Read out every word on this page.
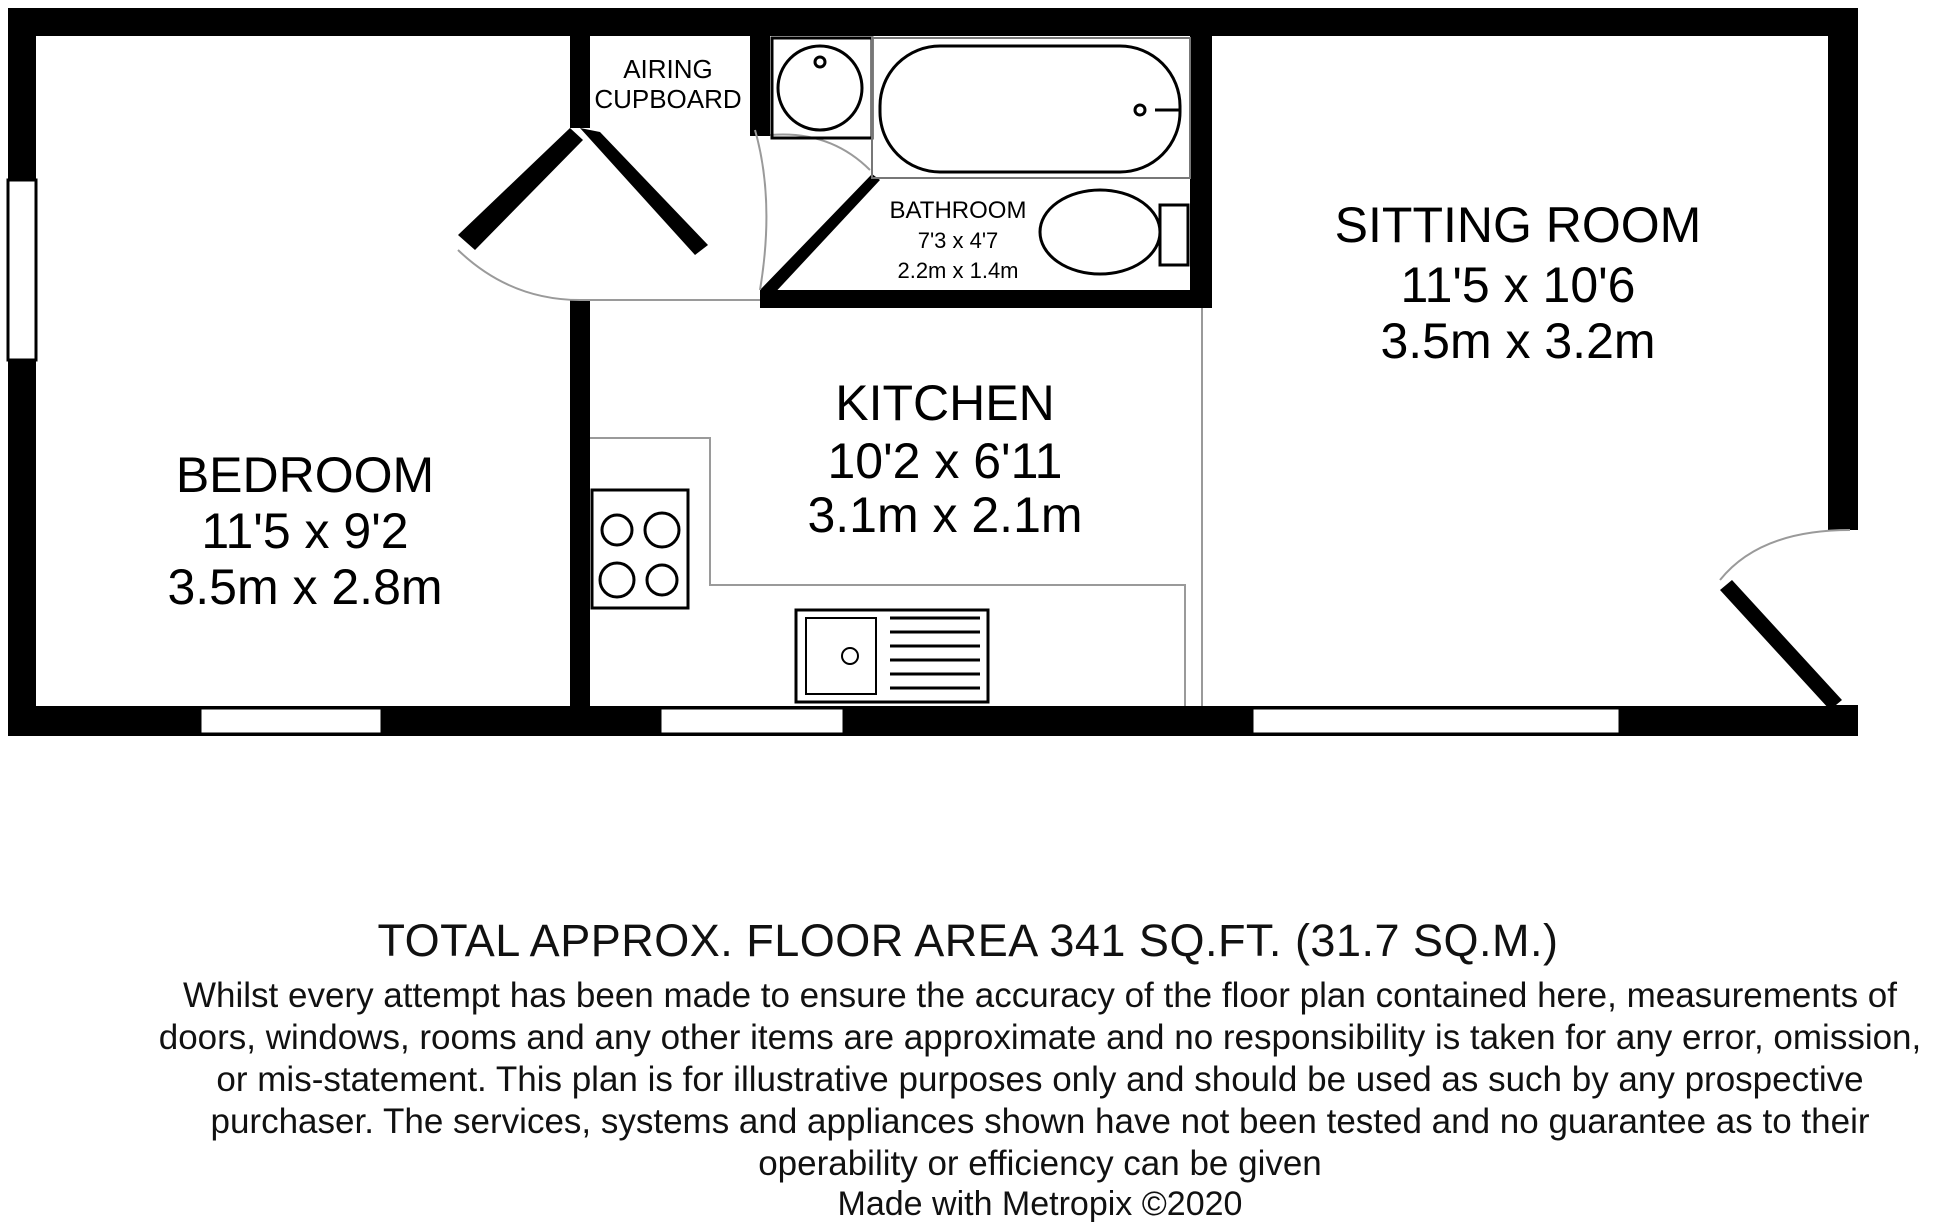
AIRING
CUPBOARD
BATHROOM
7'3 x 4'7
2.2m x 1.4m
SITTING ROOM
11'5 x 10'6
3.5m x 3.2m
KITCHEN
10'2 x 6'11
3.1m x 2.1m
BEDROOM
11'5 x 9'2
3.5m x 2.8m
TOTAL APPROX. FLOOR AREA 341 SQ.FT. (31.7 SQ.M.)
Whilst every attempt has been made to ensure the accuracy of the floor plan contained here, measurements of doors, windows, rooms and any other items are approximate and no responsibility is taken for any error, omission, or mis-statement. This plan is for illustrative purposes only and should be used as such by any prospective purchaser. The services, systems and appliances shown have not been tested and no guarantee as to their operability or efficiency can be given
Made with Metropix ©2020
